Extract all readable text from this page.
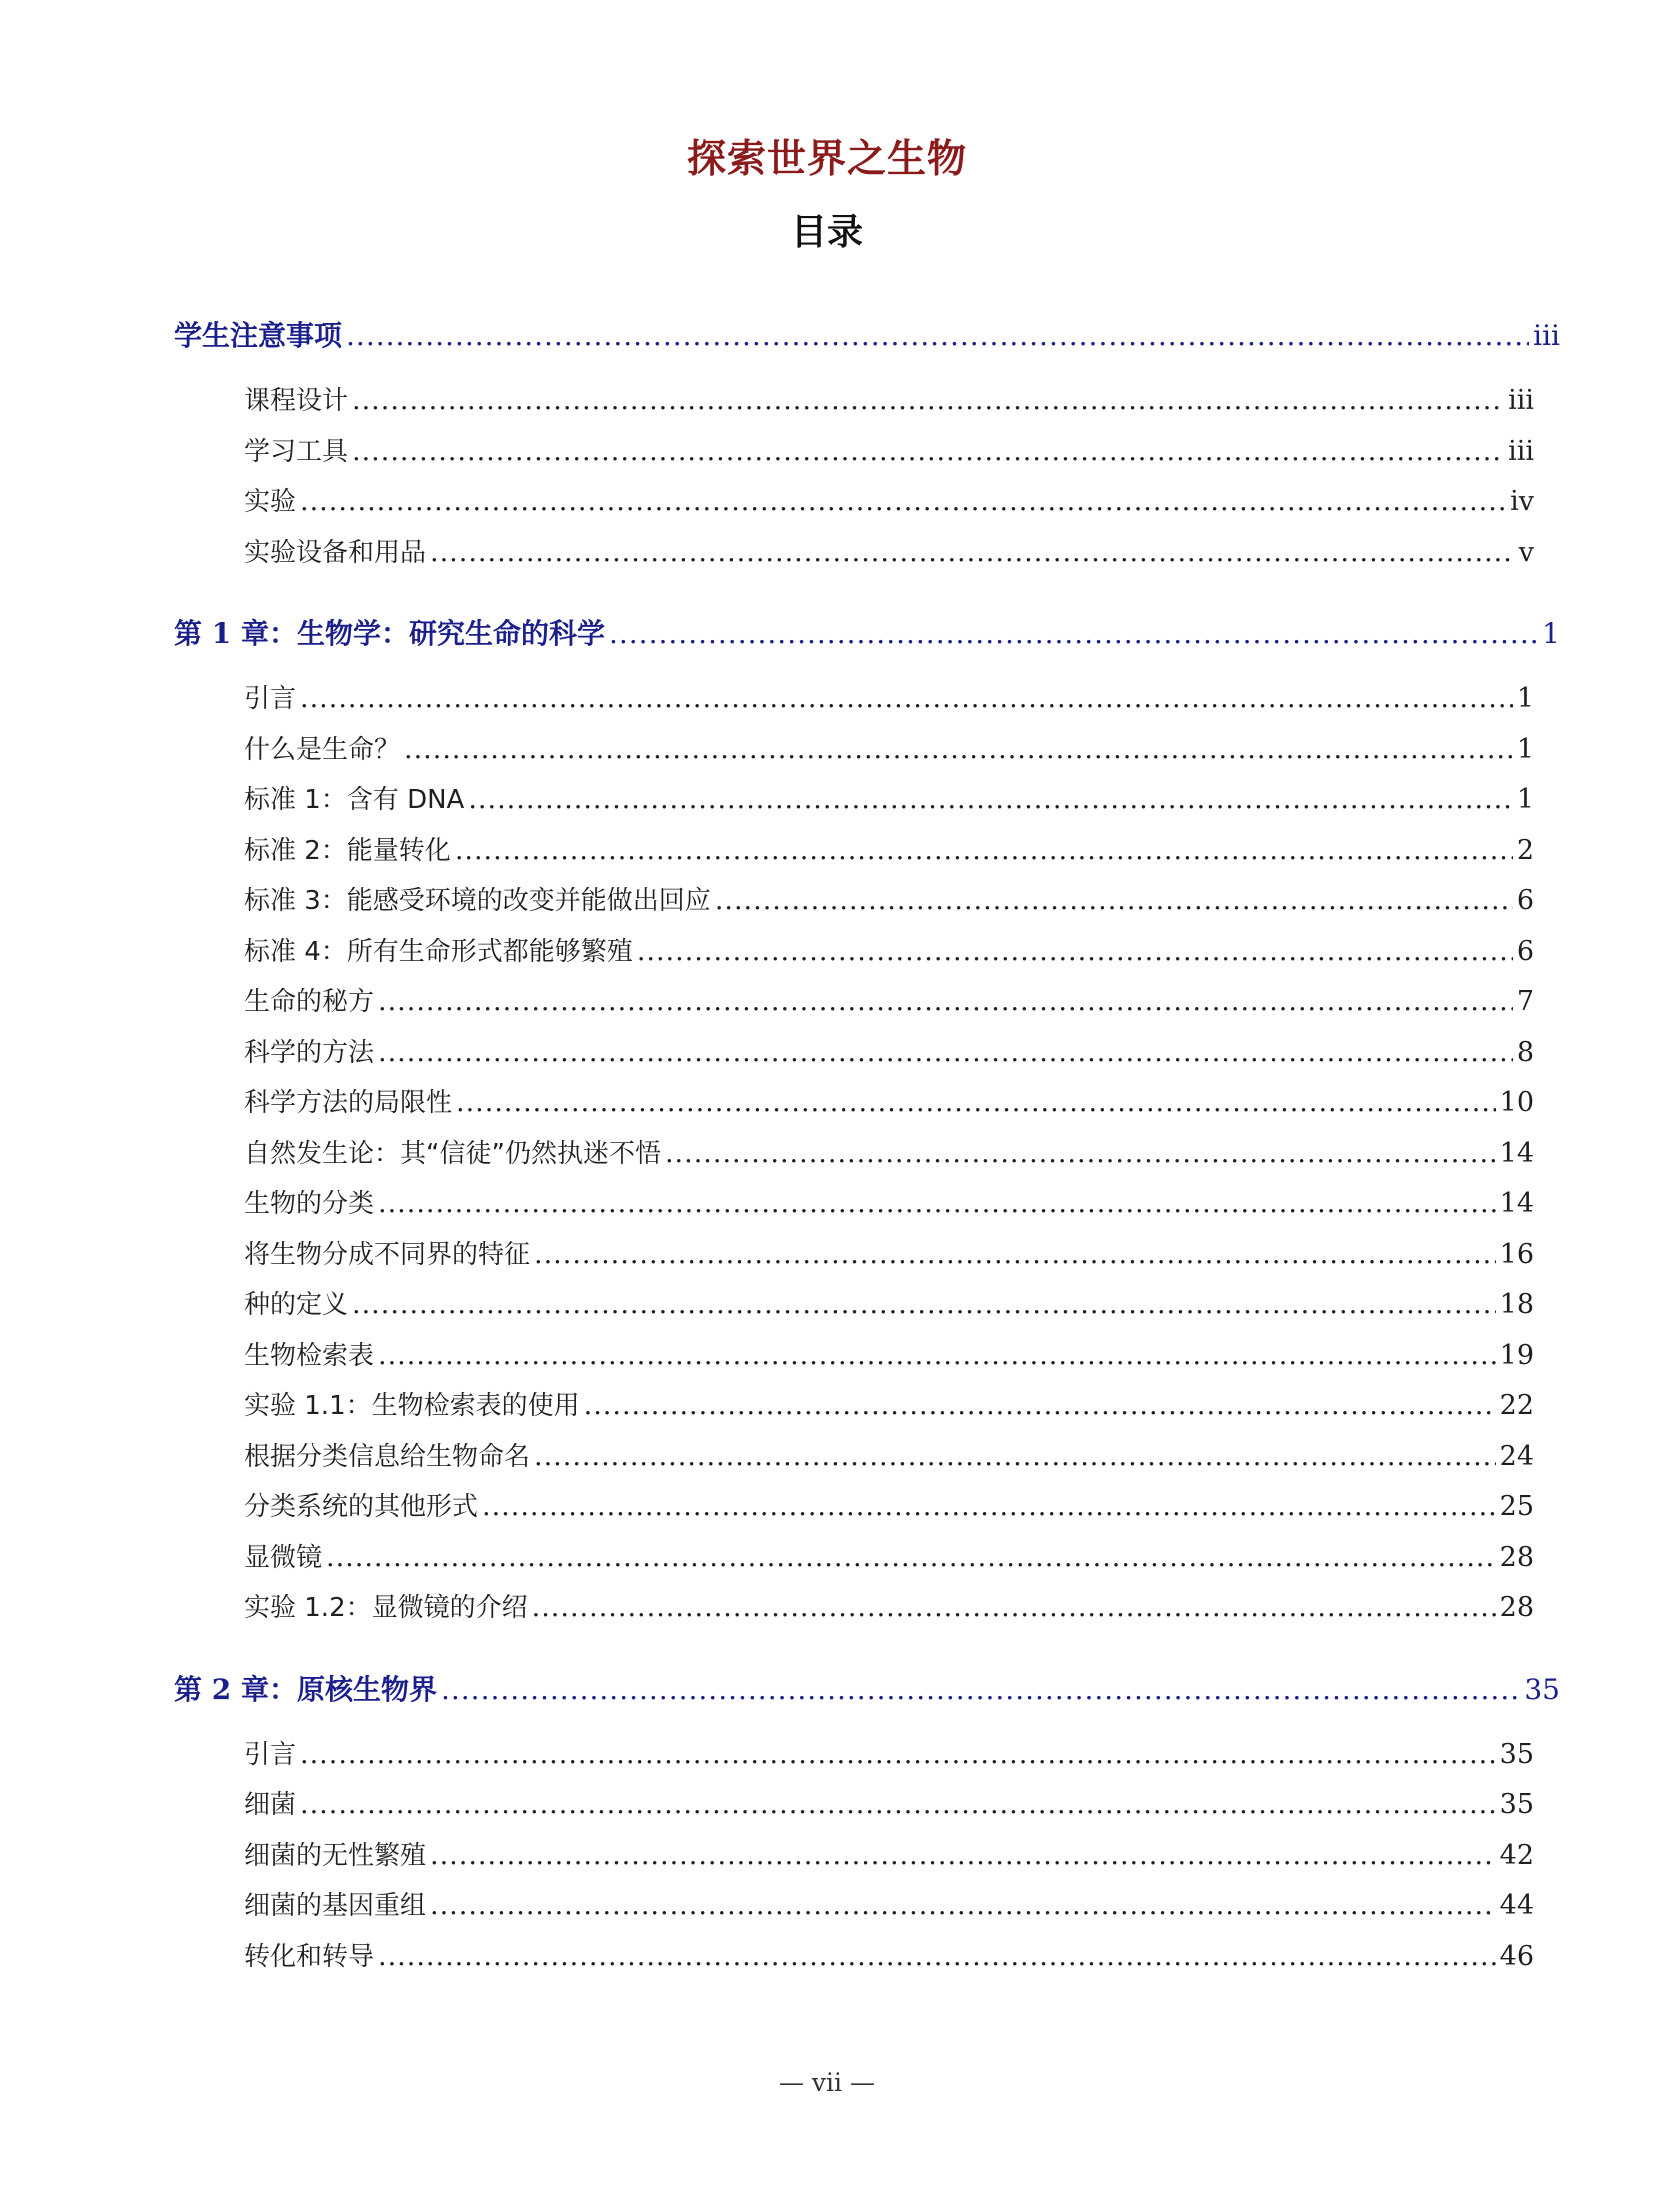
探索世界之生物
目录
学生注意事项 .....	iii
课程设计 .....	iii
学习工具 .....	iii
实验 .....	iv
实验设备和用品 .....	v
第 1 章：生物学：研究生命的科学 .....	1
引言 .....	1
什么是生命？ .....	1
标准 1：含有 DNA .....	1
标准 2：能量转化 .....	2
标准 3：能感受环境的改变并能做出回应 .....	6
标准 4：所有生命形式都能够繁殖 .....	6
生命的秘方 .....	7
科学的方法 .....	8
科学方法的局限性 .....	10
自然发生论：其“信徒”仍然执迷不悟 .....	14
生物的分类 .....	14
将生物分成不同界的特征 .....	16
种的定义 .....	18
生物检索表 .....	19
实验 1.1：生物检索表的使用 .....	22
根据分类信息给生物命名 .....	24
分类系统的其他形式 .....	25
显微镜 .....	28
实验 1.2：显微镜的介绍 .....	28
第 2 章：原核生物界 .....	35
引言 .....	35
细菌 .....	35
细菌的无性繁殖 .....	42
细菌的基因重组 .....	44
转化和转导 .....	46
— vii —
